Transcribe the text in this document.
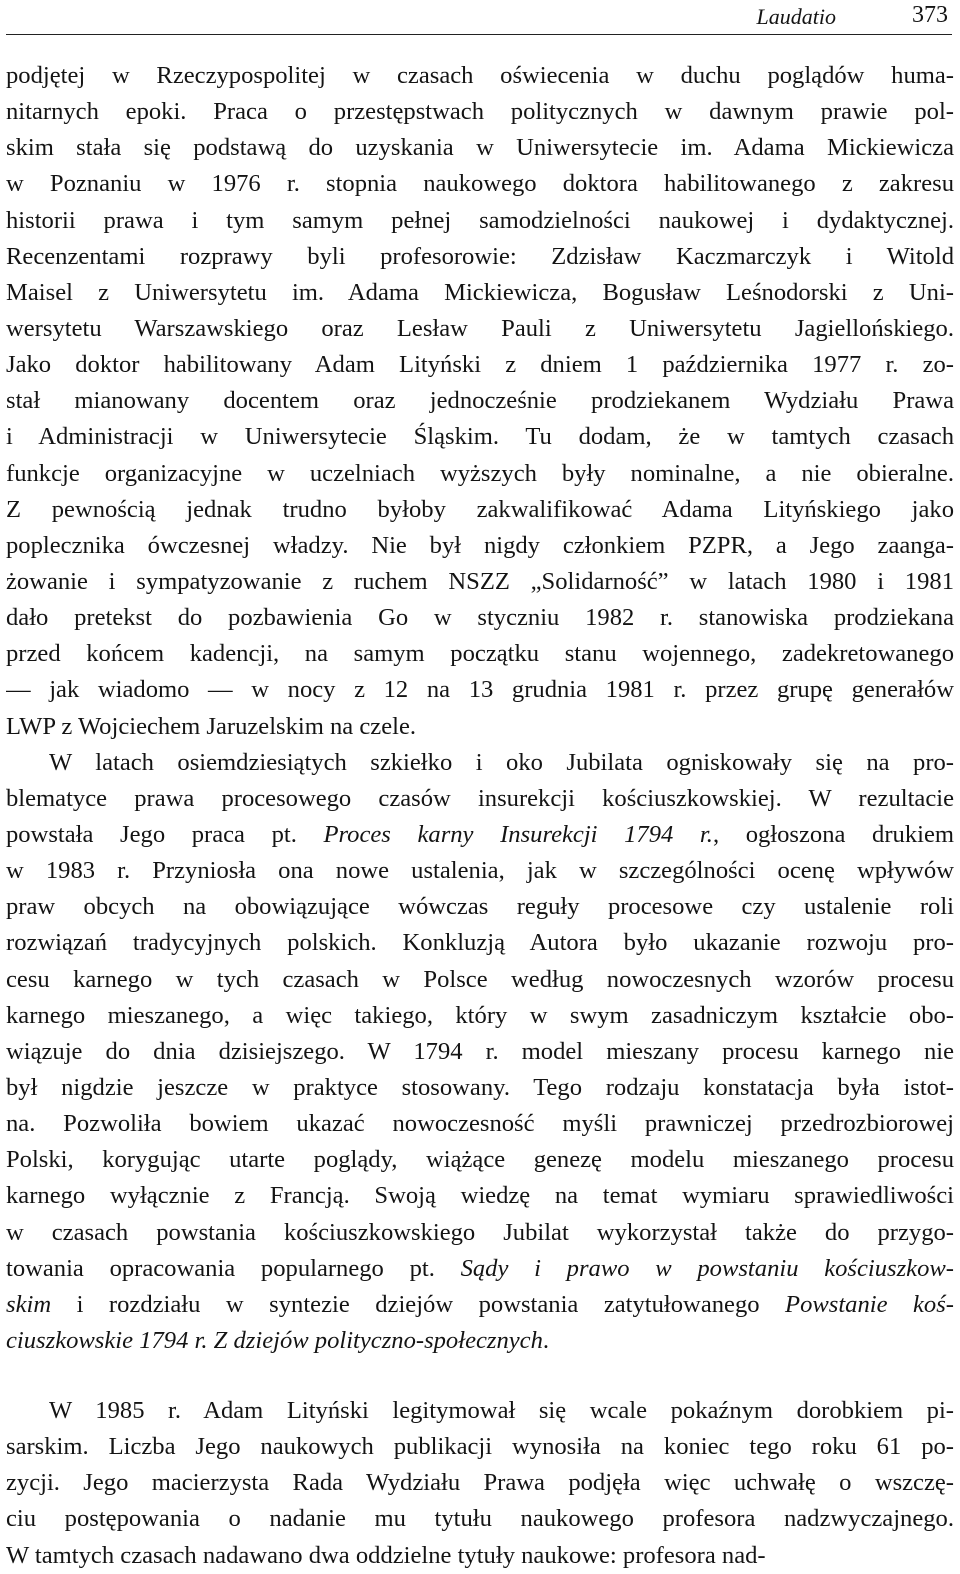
Laudatio	373
podjętej w Rzeczypospolitej w czasach oświecenia w duchu poglądów huma-
nitarnych epoki. Praca o przestępstwach politycznych w dawnym prawie pol-
skim stała się podstawą do uzyskania w Uniwersytecie im. Adama Mickiewicza
w Poznaniu w 1976 r. stopnia naukowego doktora habilitowanego z zakresu
historii prawa i tym samym pełnej samodzielności naukowej i dydaktycznej.
Recenzentami rozprawy byli profesorowie: Zdzisław Kaczmarczyk i Witold
Maisel z Uniwersytetu im. Adama Mickiewicza, Bogusław Leśnodorski z Uni-
wersytetu Warszawskiego oraz Lesław Pauli z Uniwersytetu Jagiellońskiego.
Jako doktor habilitowany Adam Lityński z dniem 1 października 1977 r. zo-
stał mianowany docentem oraz jednocześnie prodziekanem Wydziału Prawa
i Administracji w Uniwersytecie Śląskim. Tu dodam, że w tamtych czasach
funkcje organizacyjne w uczelniach wyższych były nominalne, a nie obieralne.
Z pewnością jednak trudno byłoby zakwalifikować Adama Lityńskiego jako
poplecznika ówczesnej władzy. Nie był nigdy członkiem PZPR, a Jego zaanga-
żowanie i sympatyzowanie z ruchem NSZZ „Solidarność” w latach 1980 i 1981
dało pretekst do pozbawienia Go w styczniu 1982 r. stanowiska prodziekana
przed końcem kadencji, na samym początku stanu wojennego, zadekretowanego
— jak wiadomo — w nocy z 12 na 13 grudnia 1981 r. przez grupę generałów
LWP z Wojciechem Jaruzelskim na czele.
W latach osiemdziesiątych szkiełko i oko Jubilata ogniskowały się na pro-
blematyce prawa procesowego czasów insurekcji kościuszkowskiej. W rezultacie
powstała Jego praca pt. Proces karny Insurekcji 1794 r., ogłoszona drukiem
w 1983 r. Przyniosła ona nowe ustalenia, jak w szczególności ocenę wpływów
praw obcych na obowiązujące wówczas reguły procesowe czy ustalenie roli
rozwiązań tradycyjnych polskich. Konkluzją Autora było ukazanie rozwoju pro-
cesu karnego w tych czasach w Polsce według nowoczesnych wzorów procesu
karnego mieszanego, a więc takiego, który w swym zasadniczym kształcie obo-
wiązuje do dnia dzisiejszego. W 1794 r. model mieszany procesu karnego nie
był nigdzie jeszcze w praktyce stosowany. Tego rodzaju konstatacja była istot-
na. Pozwoliła bowiem ukazać nowoczesność myśli prawniczej przedrozbiorowej
Polski, korygując utarte poglądy, wiążące genezę modelu mieszanego procesu
karnego wyłącznie z Francją. Swoją wiedzę na temat wymiaru sprawiedliwości
w czasach powstania kościuszkowskiego Jubilat wykorzystał także do przygo-
towania opracowania popularnego pt. Sądy i prawo w powstaniu kościuszkow-
skim i rozdziału w syntezie dziejów powstania zatytułowanego Powstanie koś-
ciuszkowskie 1794 r. Z dziejów polityczno-społecznych.
W 1985 r. Adam Lityński legitymował się wcale pokaźnym dorobkiem pi-
sarskim. Liczba Jego naukowych publikacji wynosiła na koniec tego roku 61 po-
zycji. Jego macierzysta Rada Wydziału Prawa podjęła więc uchwałę o wszczę-
ciu postępowania o nadanie mu tytułu naukowego profesora nadzwyczajnego.
W tamtych czasach nadawano dwa oddzielne tytuły naukowe: profesora nad-
